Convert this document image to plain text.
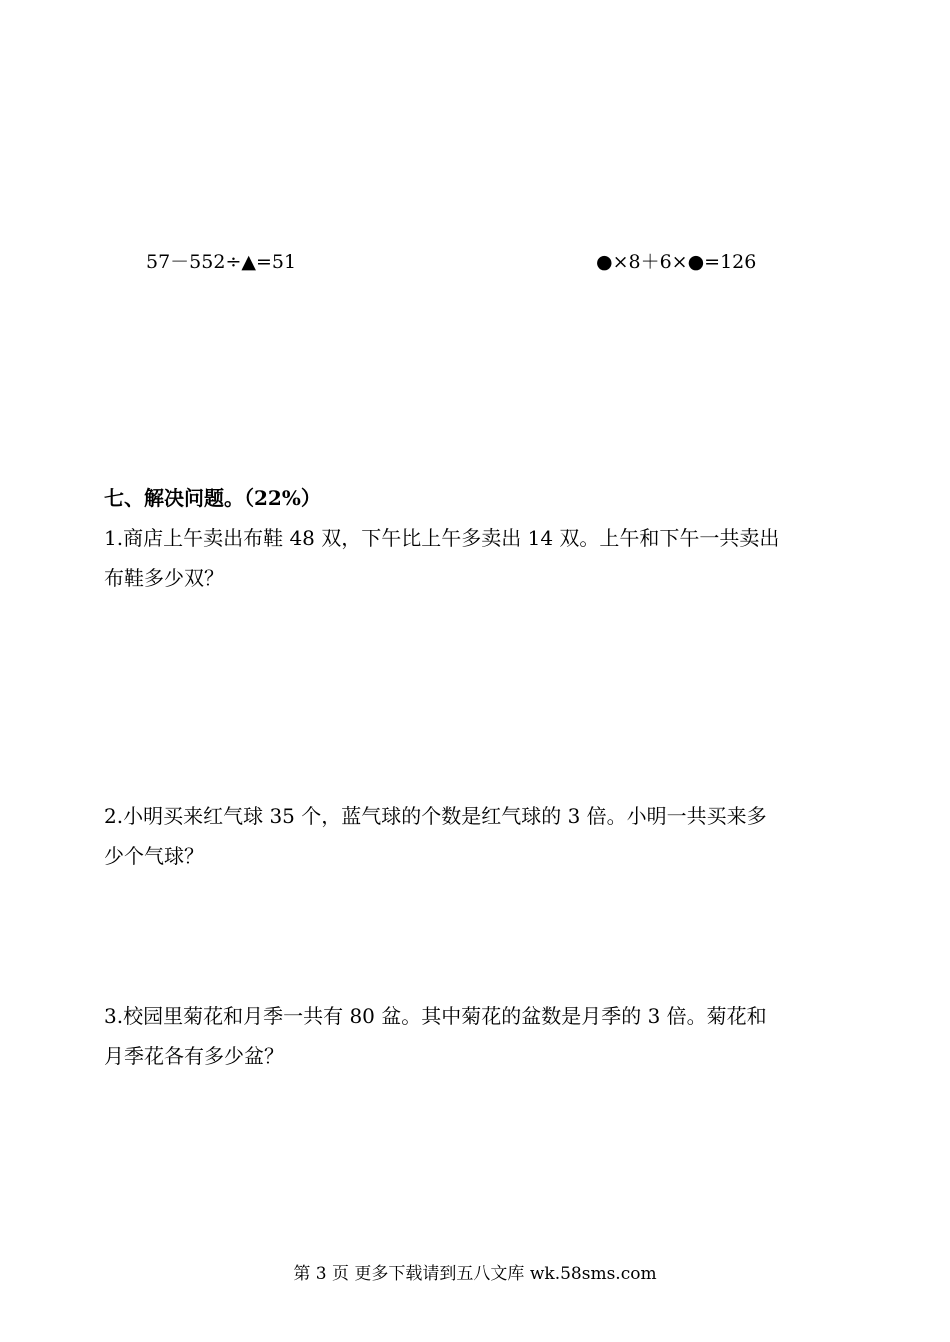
57－552÷▲=51	●×8＋6×●=126
七、解决问题。（22%）
1.商店上午卖出布鞋 48 双，下午比上午多卖出 14 双。上午和下午一共卖出
布鞋多少双？
2.小明买来红气球 35 个，蓝气球的个数是红气球的 3 倍。小明一共买来多
少个气球？
3.校园里菊花和月季一共有 80 盆。其中菊花的盆数是月季的 3 倍。菊花和
月季花各有多少盆？
第 3 页 更多下载请到五八文库 wk.58sms.com
